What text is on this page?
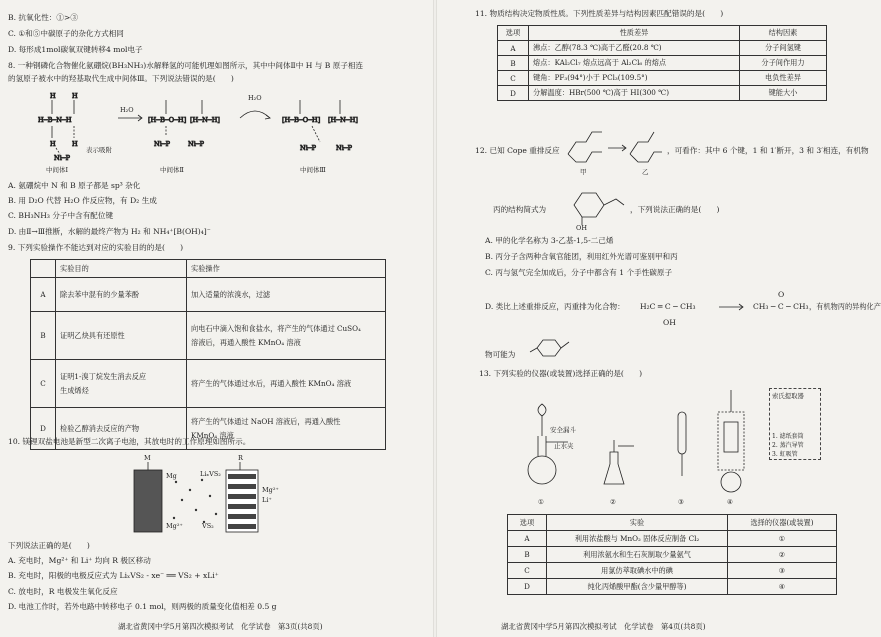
B. 抗氧化性：①>③
C. ①和⑤中碳原子的杂化方式相同
D. 每形成1mol碳氧双键转移4 mol电子
8. 一种钢磷化合物催化氨硼烷(BH₃NH₃)水解释氢的可能机理如图所示，其中中间体Ⅱ中 H 与 B 原子相连
的氢原子被水中的羟基取代生成中间体Ⅲ。下列说法错误的是(　　)
H	H
H─B─N─H
H	H
Ni─P
[H─B─O─H] [H─N─H]
Ni─P	Ni─P
[H─B─O─H] [H─N─H]
Ni─P	Ni─P
H₂O
H₂O
表示吸附
中间体Ⅰ	中间体Ⅱ	中间体Ⅲ
A. 氨硼烷中 N 和 B 原子都是 sp³ 杂化
B. 用 D₂O 代替 H₂O 作反应物，有 D₂ 生成
C. BH₃NH₃ 分子中含有配位键
D. 由Ⅱ→Ⅲ推断，水解的最终产物为 H₂ 和 NH₄⁺[B(OH)₄]⁻
9. 下列实验操作不能达到对应的实验目的的是(　　)
	实验目的	实验操作
A	除去苯中混有的少量苯酚	加入适量的浓溴水，过滤
B	证明乙炔具有还原性	向电石中滴入饱和食盐水，将产生的气体通过 CuSO₄
溶液后，再通入酸性 KMnO₄ 溶液

C	证明1-溴丁烷发生消去反应
生成烯烃	将产生的气体通过水后，再通入酸性 KMnO₄ 溶液
D	检验乙醇消去反应的产物	将产生的气体通过 NaOH 溶液后，再通入酸性
KMnO₄ 溶液
10. 镁锂双盐电池是新型二次离子电池，其放电时的工作原理如图所示。
M	R
Mg	LiₓVS₂
Mg²⁺	VS₂
Mg²⁺
Li⁺
下列说法正确的是(　　)
A. 充电时，Mg²⁺ 和 Li⁺ 均向 R 极区移动
B. 充电时，阳极的电极反应式为 LiₓVS₂ - xe⁻ ══ VS₂ + xLi⁺
C. 放电时，R 电极发生氧化反应
D. 电池工作时，若外电路中转移电子 0.1 mol，则两极的质量变化值相差 0.5 g
湖北省黄冈中学5月第四次模拟考试　化学试卷　第3页(共8页)
11. 物质结构决定物质性质。下列性质差异与结构因素匹配错误的是(　　)
选项	性质差异	结构因素
A	沸点：乙醇(78.3 ℃)高于乙醛(20.8 ℃)	分子间氢键
B	熔点：KAl₂Cl₇ 熔点远高于 Al₂Cl₆ 的熔点	分子间作用力
C	键角：PF₃(94°)小于 PCl₃(109.5°)	电负性差异
D	分解温度：HBr(500 ℃)高于 HI(300 ℃)	键能大小
12. 已知 Cope 重排反应
甲	乙
，可看作：其中 6 个键，1 和 1′断开，3 和 3′相连，有机物
丙的结构简式为
OH
，下列说法正确的是(　　)
A. 甲的化学名称为 3-乙基-1,5-二己烯
B. 丙分子含两种含氧官能团，利用红外光谱可鉴别甲和丙
C. 丙与氢气完全加成后，分子中都含有 1 个手性碳原子
D. 类比上述重排反应，丙重排为化合物： H₂C ═ C ─ CH₃
OH
O
CH₃ ─ C ─ CH₃ ，有机物丙的异构化产
物可能为
13. 下列实验的仪器(或装置)选择正确的是(　　)
安全漏斗
止水夹
①	②	③	④
索氏提取器
1. 滤纸套筒
2. 蒸汽导管
3. 虹吸管
选项	实验	选择的仪器(或装置)
A	利用浓盐酸与 MnO₂ 固体反应制备 Cl₂	①
B	利用浓氨水和生石灰制取少量氨气	②
C	用氯仿萃取碘水中的碘	③
D	纯化丙烯酸甲酯(含少量甲醇等)	④
湖北省黄冈中学5月第四次模拟考试　化学试卷　第4页(共8页)
